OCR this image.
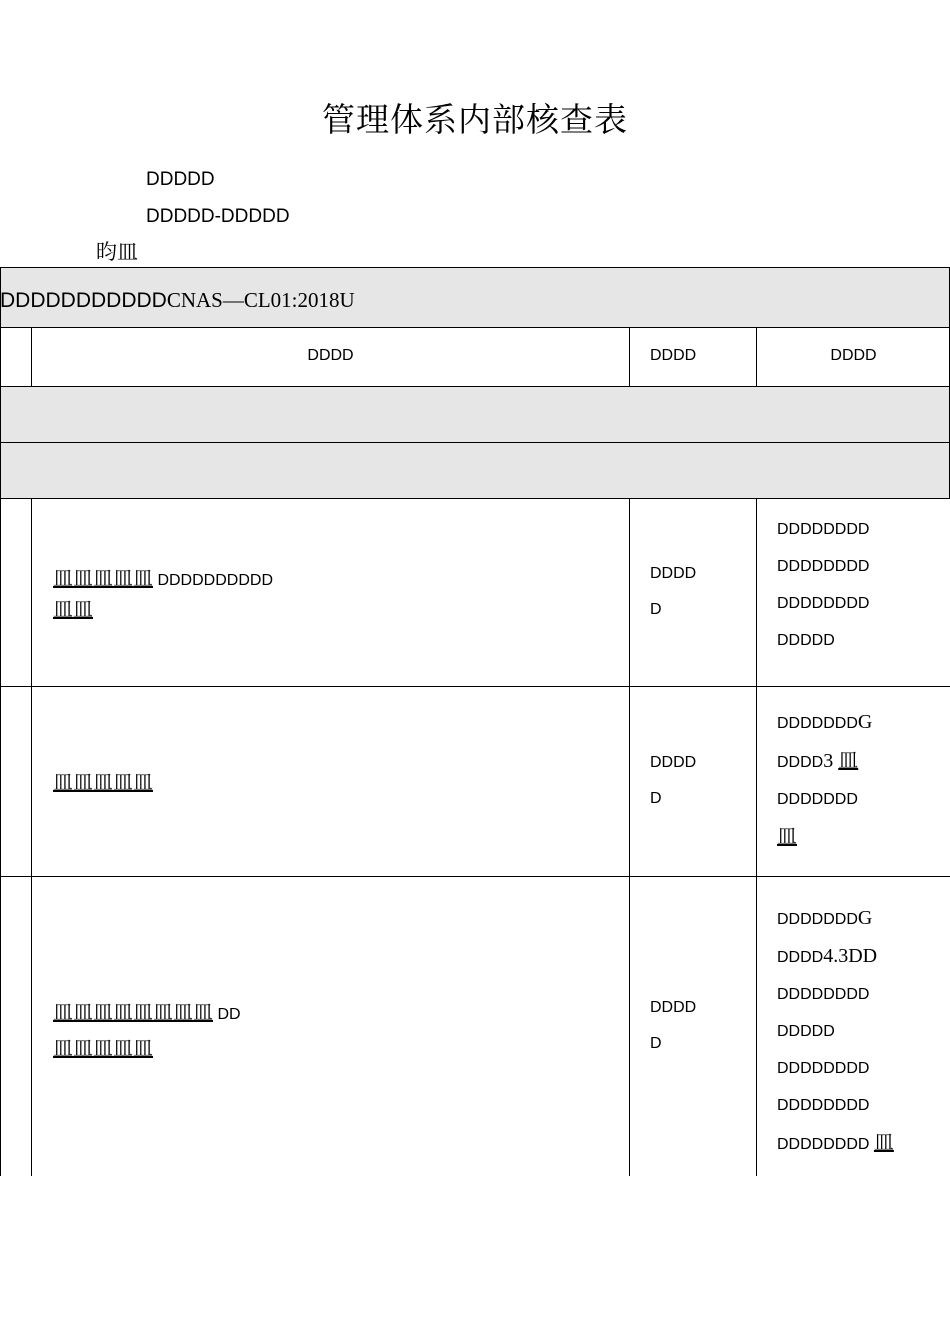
管理体系内部核查表
DDDDD
DDDDD-DDDDD
昀皿
DDDDDDDDDDDCNAS—CL01:2018U
DDDD	DDDD	DDDD
皿皿皿皿皿 DDDDDDDDDD
皿皿
DDDD
D
DDDDDDDD
DDDDDDDD
DDDDDDDD
DDDDD
皿皿皿皿皿
DDDD
D
DDDDDDDG
DDDD3 皿
DDDDDDD
皿
皿皿皿皿皿皿皿皿 DD
皿皿皿皿皿
DDDD
D
DDDDDDDG
DDDD4.3DD
DDDDDDDD
DDDDD
DDDDDDDD
DDDDDDDD
DDDDDDDD 皿
